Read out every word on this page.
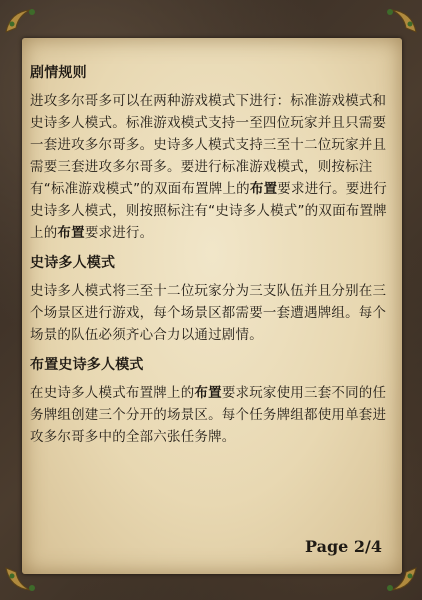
剧情规则
进攻多尔哥多可以在两种游戏模式下进行：标准游戏模式和史诗多人模式。标准游戏模式支持一至四位玩家并且只需要一套进攻多尔哥多。史诗多人模式支持三至十二位玩家并且需要三套进攻多尔哥多。要进行标准游戏模式，则按标注有“标准游戏模式”的双面布置牌上的布置要求进行。要进行史诗多人模式，则按照标注有“史诗多人模式”的双面布置牌上的布置要求进行。
史诗多人模式
史诗多人模式将三至十二位玩家分为三支队伍并且分别在三个场景区进行游戏，每个场景区都需要一套遭遇牌组。每个场景的队伍必须齐心合力以通过剧情。
布置史诗多人模式
在史诗多人模式布置牌上的布置要求玩家使用三套不同的任务牌组创建三个分开的场景区。每个任务牌组都使用单套进攻多尔哥多中的全部六张任务牌。
Page 2/4
